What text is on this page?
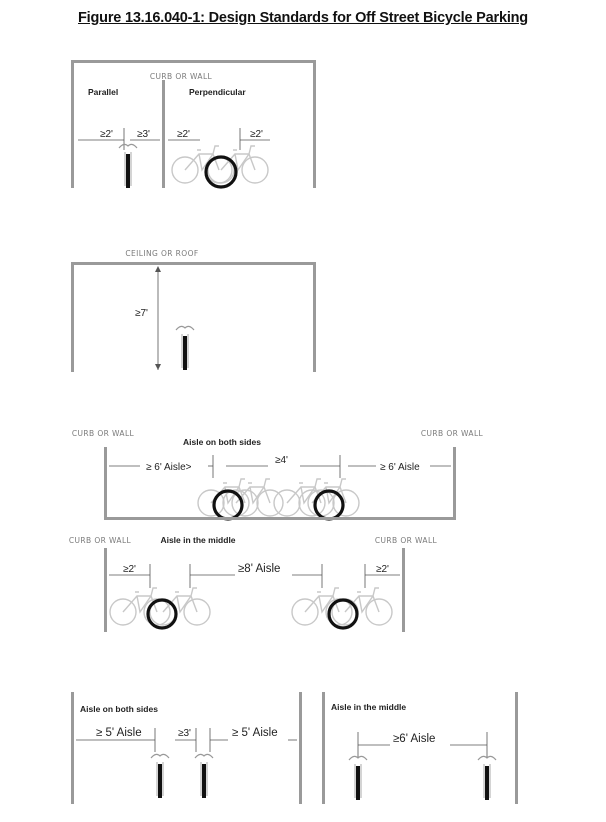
Figure 13.16.040-1: Design Standards for Off Street Bicycle Parking
CURB OR WALL
Parallel	Perpendicular
≥2' ≥3'	≥2'	≥2'
CEILING OR ROOF
≥7'
CURB OR WALL	CURB OR WALL
Aisle on both sides
≥ 6' Aisle>
≥4'
≥ 6' Aisle
CURB OR WALL	CURB OR WALL
Aisle in the middle
≥2'	≥8' Aisle	≥2'
Aisle on both sides
≥ 5' Aisle	≥3'	≥ 5' Aisle
Aisle in the middle
≥6' Aisle
